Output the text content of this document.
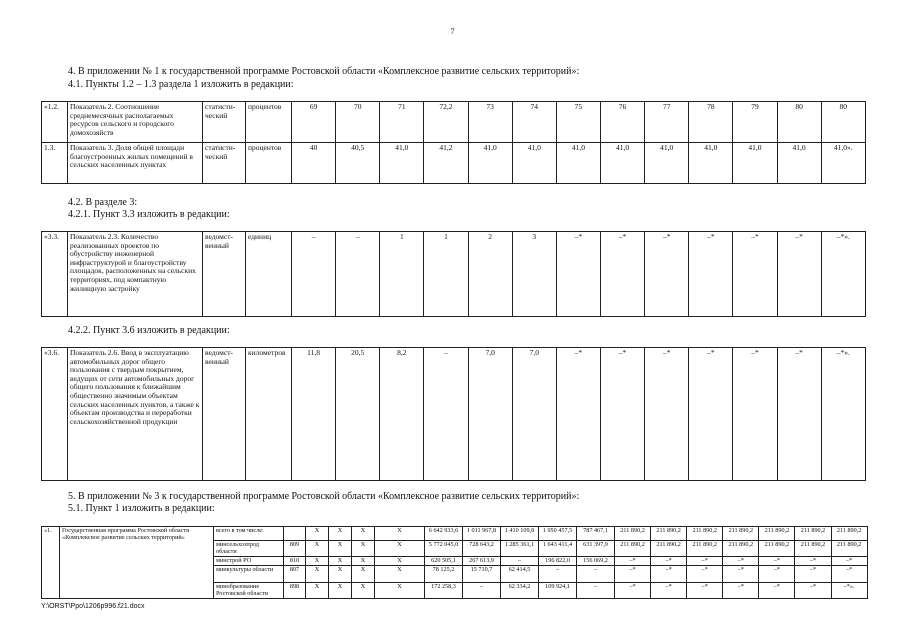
7
4. В приложении № 1 к государственной программе Ростовской области «Комплексное развитие сельских территорий»:
4.1. Пункты 1.2 – 1.3 раздела 1 изложить в редакции:
«1.2.	Показатель 2. Соотношение среднемесячных располагаемых ресурсов сельского и городского домохозяйств	статисти-ческий	процентов	69	70	71	72,2	73	74	75	76	77	78	79	80	80
1.3.	Показатель 3. Доля общей площади благоустроенных жилых помещений в сельских населенных пунктах	статисти-ческий	процентов	40	40,5	41,0	41,2	41,0	41,0	41,0	41,0	41,0	41,0	41,0	41,0	41,0».
4.2. В разделе 3:
4.2.1. Пункт 3.3 изложить в редакции:
«3.3.	Показатель 2.3. Количество реализованных проектов по обустройству инженерной инфраструктурой и благоустройству площадок, расположенных на сельских территориях, под компактную жилищную застройку	ведомст-венный	единиц	–	–	1	1	2	3	–*	–*	–*	–*	–*	–*	–*».
4.2.2. Пункт 3.6 изложить в редакции:
«3.6.	Показатель 2.6. Ввод в эксплуатацию автомобильных дорог общего пользования с твердым покрытием, ведущих от сети автомобильных дорог общего пользования к ближайшим общественно значимым объектам сельских населенных пунктов, а также к объектам производства и переработки сельскохозяйственной продукции	ведомст-венный	километров	11,8	20,5	8,2	–	7,0	7,0	–*	–*	–*	–*	–*	–*	–*».
5. В приложении № 3 к государственной программе Ростовской области «Комплексное развитие сельских территорий»:
5.1. Пункт 1 изложить в редакции:
«1.	Государственная программа Ростовской области «Комплексное развитие сельских территорий»	всего в том числе:		X	X	X	X	6 642 933,6	1 011 967,8	1 410 109,8	1 950 457,5	787 467,1	211 890,2	211 890,2	211 890,2	211 890,2	211 890,2	211 890,2	211 890,2
		минсельхозпрод области	809	X	X	X	X	5 772 045,0	728 643,2	1 285 361,1	1 643 411,4	631 397,9	211 890,2	211 890,2	211 890,2	211 890,2	211 890,2	211 890,2	211 890,2
		минстрой РО	810	X	X	X	X	620 505,1	267 613,9	–	196 822,0	156 069,2	–*	–*	–*	–*	–*	–*	–*
		минкультуры области	807	X	X	X	X	78 125,2	15 710,7	62 414,5	–	–	–*	–*	–*	–*	–*	–*	–*
		минобразование Ростовской области	898	X	X	X	X	172 258,3	–	62 334,2	109 924,1	–	–*	–*	–*	–*	–*	–*	–*».
Y:\ORST\Ppo\1206p996.f21.docx
